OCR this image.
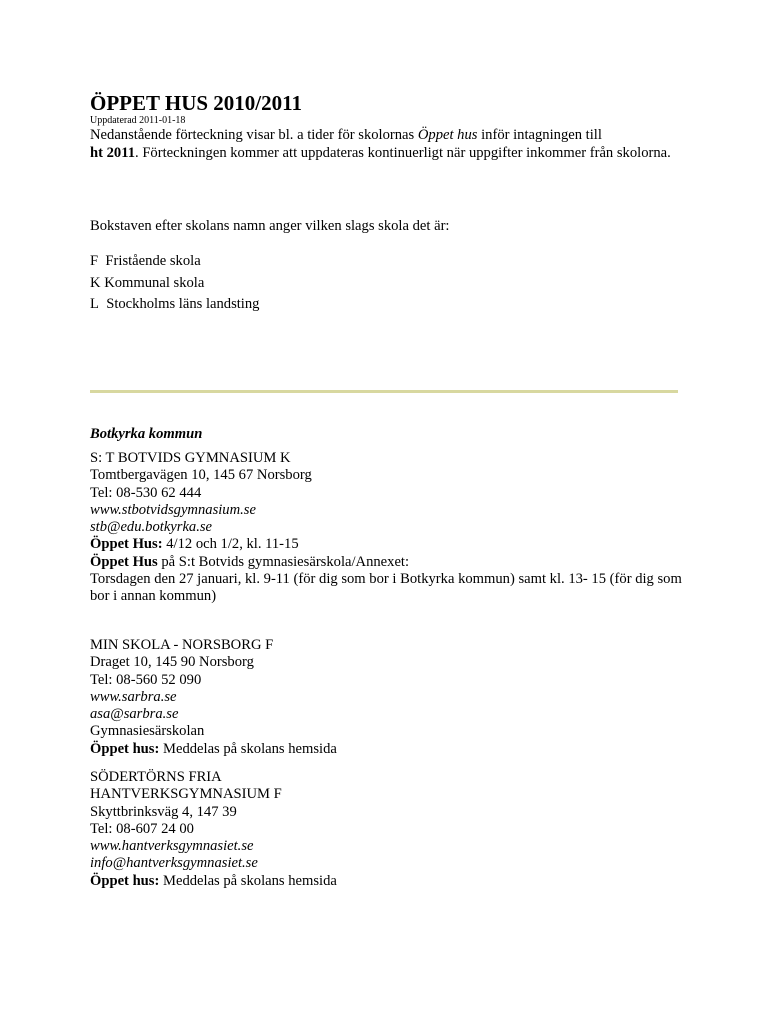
ÖPPET HUS 2010/2011
Uppdaterad 2011-01-18
Nedanstående förteckning visar bl. a tider för skolornas Öppet hus inför intagningen till
ht 2011. Förteckningen kommer att uppdateras kontinuerligt när uppgifter inkommer från skolorna.
Bokstaven efter skolans namn anger vilken slags skola det är:
F Fristående skola
K Kommunal skola
L Stockholms läns landsting
Botkyrka kommun
S: T BOTVIDS GYMNASIUM K
Tomtbergavägen 10, 145 67 Norsborg
Tel: 08-530 62 444
www.stbotvidsgymnasium.se
stb@edu.botkyrka.se
Öppet Hus: 4/12 och 1/2, kl. 11-15
Öppet Hus på S:t Botvids gymnasiesärskola/Annexet:
Torsdagen den 27 januari, kl. 9-11 (för dig som bor i Botkyrka kommun) samt kl. 13- 15 (för dig som bor i annan kommun)
MIN SKOLA - NORSBORG F
Draget 10, 145 90 Norsborg
Tel: 08-560 52 090
www.sarbra.se
asa@sarbra.se
Gymnasiesärskolan
Öppet hus: Meddelas på skolans hemsida
SÖDERTÖRNS FRIA
HANTVERKSGYMNASIUM F
Skyttbrinksväg 4, 147 39
Tel: 08-607 24 00
www.hantverksgymnasiet.se
info@hantverksgymnasiet.se
Öppet hus: Meddelas på skolans hemsida
